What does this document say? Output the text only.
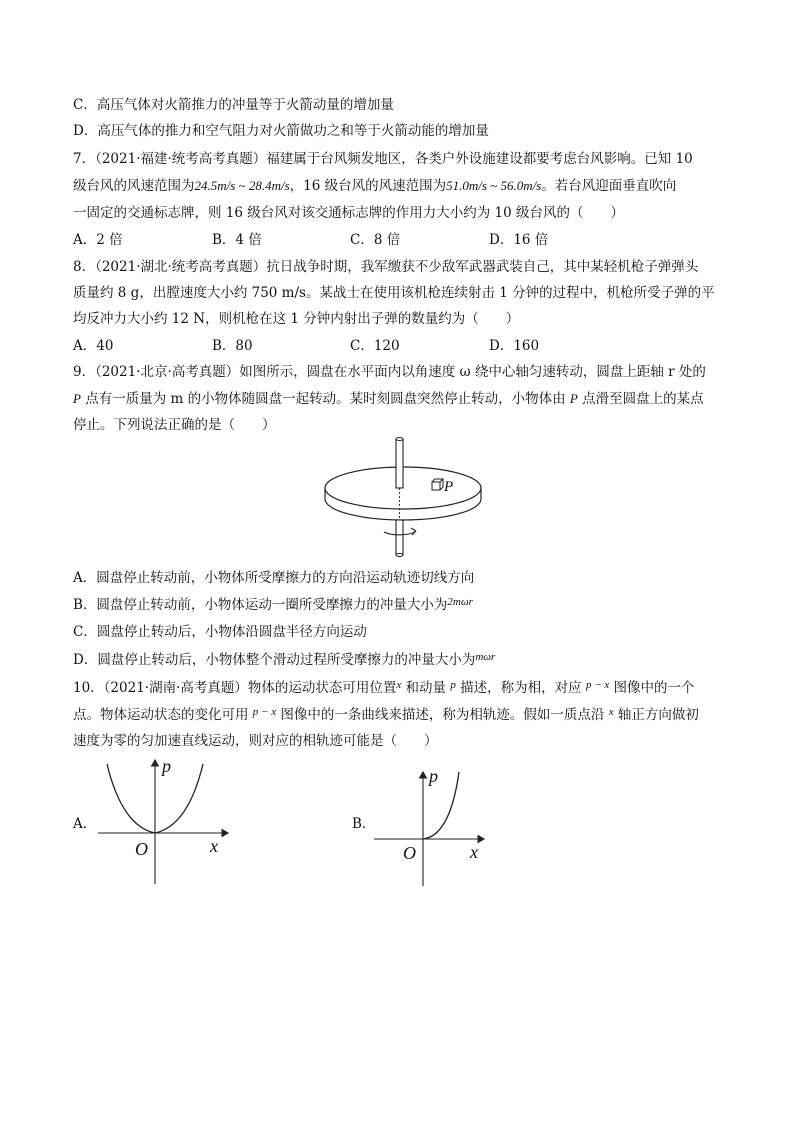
C．高压气体对火箭推力的冲量等于火箭动量的增加量
D．高压气体的推力和空气阻力对火箭做功之和等于火箭动能的增加量
7．（2021·福建·统考高考真题）福建属于台风频发地区，各类户外设施建设都要考虑台风影响。已知 10
级台风的风速范围为24.5m/s ~ 28.4m/s，16 级台风的风速范围为51.0m/s ~ 56.0m/s。若台风迎面垂直吹向
一固定的交通标志牌，则 16 级台风对该交通标志牌的作用力大小约为 10 级台风的（　　）
A．2 倍	B．4 倍	C．8 倍	D．16 倍
8．（2021·湖北·统考高考真题）抗日战争时期，我军缴获不少敌军武器武装自己，其中某轻机枪子弹弹头
质量约 8 g，出膛速度大小约 750 m/s。某战士在使用该机枪连续射击 1 分钟的过程中，机枪所受子弹的平
均反冲力大小约 12 N，则机枪在这 1 分钟内射出子弹的数量约为（　　）
A．40	B．80	C．120	D．160
9．（2021·北京·高考真题）如图所示，圆盘在水平面内以角速度 ω 绕中心轴匀速转动，圆盘上距轴 r 处的
P 点有一质量为 m 的小物体随圆盘一起转动。某时刻圆盘突然停止转动，小物体由 P 点滑至圆盘上的某点
停止。下列说法正确的是（　　）
P
A．圆盘停止转动前，小物体所受摩擦力的方向沿运动轨迹切线方向
B．圆盘停止转动前，小物体运动一圈所受摩擦力的冲量大小为$^{2m\omega r}$
C．圆盘停止转动后，小物体沿圆盘半径方向运动
D．圆盘停止转动后，小物体整个滑动过程所受摩擦力的冲量大小为$^{m\omega r}$
10．（2021·湖南·高考真题）物体的运动状态可用位置$^x$ 和动量 $^p$ 描述，称为相，对应 $^{p - x}$ 图像中的一个
点。物体运动状态的变化可用 $^{p - x}$ 图像中的一条曲线来描述，称为相轨迹。假如一质点沿 $^x$ 轴正方向做初
速度为零的匀加速直线运动，则对应的相轨迹可能是（　　）
A．
p
O	x
B．
p
O	x
